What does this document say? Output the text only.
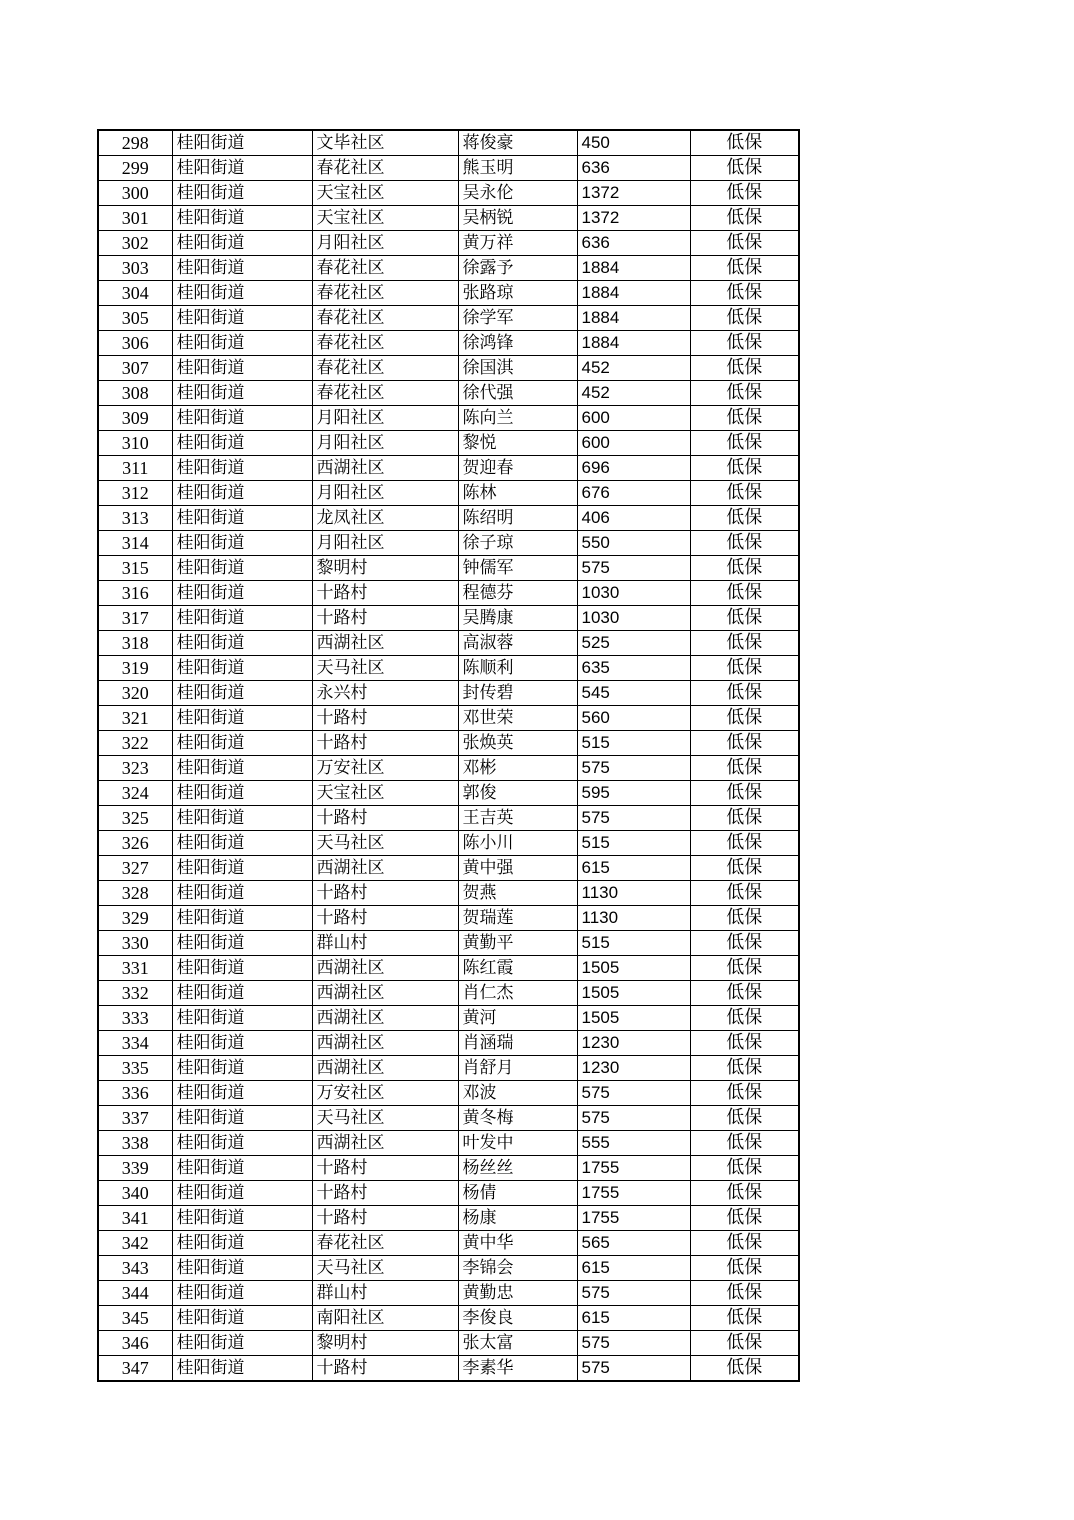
298	桂阳街道	文毕社区	蒋俊豪	450	低保
299	桂阳街道	春花社区	熊玉明	636	低保
300	桂阳街道	天宝社区	吴永伦	1372	低保
301	桂阳街道	天宝社区	吴柄锐	1372	低保
302	桂阳街道	月阳社区	黄万祥	636	低保
303	桂阳街道	春花社区	徐露予	1884	低保
304	桂阳街道	春花社区	张路琼	1884	低保
305	桂阳街道	春花社区	徐学军	1884	低保
306	桂阳街道	春花社区	徐鸿锋	1884	低保
307	桂阳街道	春花社区	徐国淇	452	低保
308	桂阳街道	春花社区	徐代强	452	低保
309	桂阳街道	月阳社区	陈向兰	600	低保
310	桂阳街道	月阳社区	黎悦	600	低保
311	桂阳街道	西湖社区	贺迎春	696	低保
312	桂阳街道	月阳社区	陈林	676	低保
313	桂阳街道	龙凤社区	陈绍明	406	低保
314	桂阳街道	月阳社区	徐子琼	550	低保
315	桂阳街道	黎明村	钟儒军	575	低保
316	桂阳街道	十路村	程德芬	1030	低保
317	桂阳街道	十路村	吴腾康	1030	低保
318	桂阳街道	西湖社区	高淑蓉	525	低保
319	桂阳街道	天马社区	陈顺利	635	低保
320	桂阳街道	永兴村	封传碧	545	低保
321	桂阳街道	十路村	邓世荣	560	低保
322	桂阳街道	十路村	张焕英	515	低保
323	桂阳街道	万安社区	邓彬	575	低保
324	桂阳街道	天宝社区	郭俊	595	低保
325	桂阳街道	十路村	王吉英	575	低保
326	桂阳街道	天马社区	陈小川	515	低保
327	桂阳街道	西湖社区	黄中强	615	低保
328	桂阳街道	十路村	贺燕	1130	低保
329	桂阳街道	十路村	贺瑞莲	1130	低保
330	桂阳街道	群山村	黄勤平	515	低保
331	桂阳街道	西湖社区	陈红霞	1505	低保
332	桂阳街道	西湖社区	肖仁杰	1505	低保
333	桂阳街道	西湖社区	黄河	1505	低保
334	桂阳街道	西湖社区	肖涵瑞	1230	低保
335	桂阳街道	西湖社区	肖舒月	1230	低保
336	桂阳街道	万安社区	邓波	575	低保
337	桂阳街道	天马社区	黄冬梅	575	低保
338	桂阳街道	西湖社区	叶发中	555	低保
339	桂阳街道	十路村	杨丝丝	1755	低保
340	桂阳街道	十路村	杨倩	1755	低保
341	桂阳街道	十路村	杨康	1755	低保
342	桂阳街道	春花社区	黄中华	565	低保
343	桂阳街道	天马社区	李锦会	615	低保
344	桂阳街道	群山村	黄勤忠	575	低保
345	桂阳街道	南阳社区	李俊良	615	低保
346	桂阳街道	黎明村	张太富	575	低保
347	桂阳街道	十路村	李素华	575	低保
